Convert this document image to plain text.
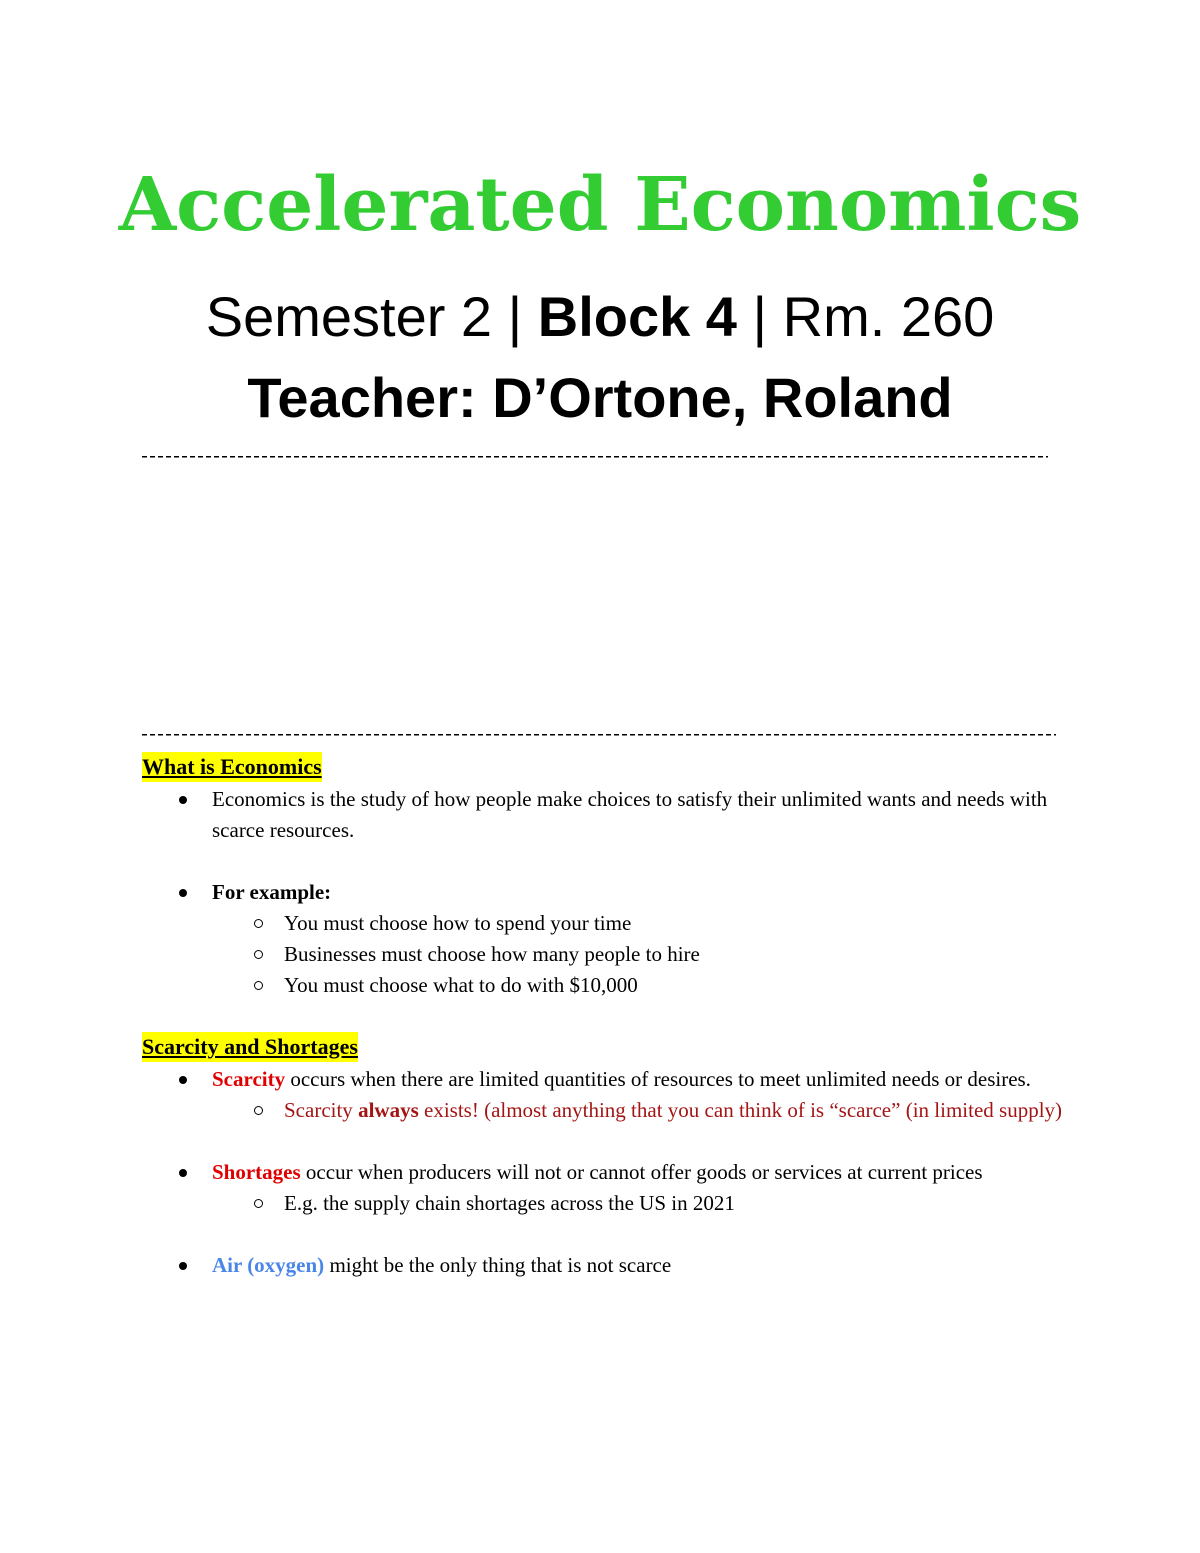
Accelerated Economics
Semester 2 | Block 4 | Rm. 260
Teacher: D’Ortone, Roland
What is Economics
Economics is the study of how people make choices to satisfy their unlimited wants and needs with scarce resources.
For example:
You must choose how to spend your time
Businesses must choose how many people to hire
You must choose what to do with $10,000
Scarcity and Shortages
Scarcity occurs when there are limited quantities of resources to meet unlimited needs or desires.
Scarcity always exists! (almost anything that you can think of is “scarce” (in limited supply)
Shortages occur when producers will not or cannot offer goods or services at current prices
E.g. the supply chain shortages across the US in 2021
Air (oxygen) might be the only thing that is not scarce
